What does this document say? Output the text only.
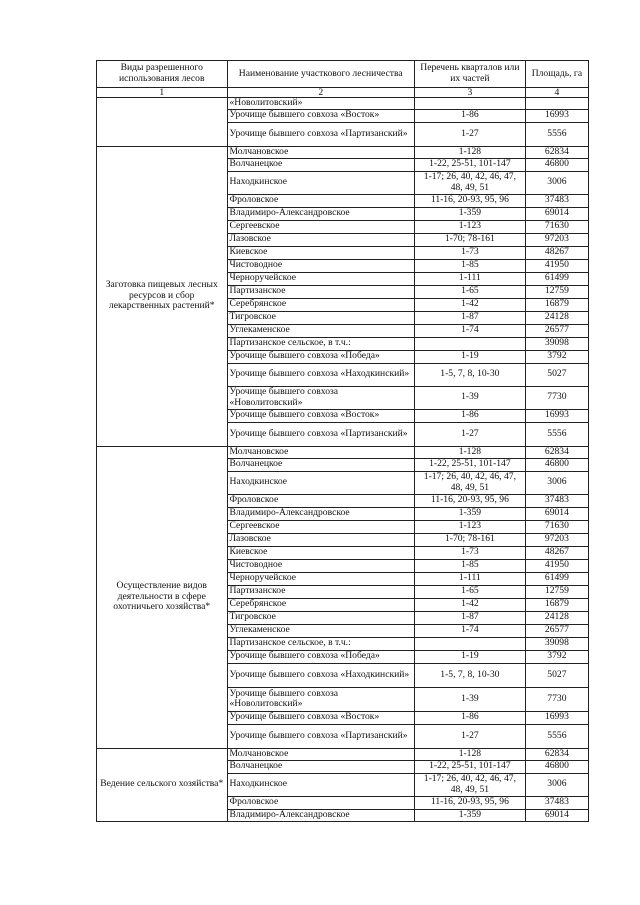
Виды разрешенного использования лесов	Наименование участкового лесничества	Перечень кварталов или их частей	Площадь, га
1	2	3	4
	«Новолитовский»		
	Урочище бывшего совхоза «Восток»	1-86	16993
	Урочище бывшего совхоза «Партизанский»	1-27	5556
Заготовка пищевых лесных ресурсов и сбор лекарственных растений*	Молчановское	1-128	62834
	Волчанецкое	1-22, 25-51, 101-147	46800
	Находкинское	1-17; 26, 40, 42, 46, 47, 48, 49, 51	3006
	Фроловское	11-16, 20-93, 95, 96	37483
	Владимиро-Александровское	1-359	69014
	Сергеевское	1-123	71630
	Лазовское	1-70; 78-161	97203
	Киевское	1-73	48267
	Чистоводное	1-85	41950
	Черноручейское	1-111	61499
	Партизанское	1-65	12759
	Серебрянское	1-42	16879
	Тигровское	1-87	24128
	Углекаменское	1-74	26577
	Партизанское сельское, в т.ч.:		39098
	Урочище бывшего совхоза «Победа»	1-19	3792
	Урочище бывшего совхоза «Находкинский»	1-5, 7, 8, 10-30	5027
	Урочище бывшего совхоза «Новолитовский»	1-39	7730
	Урочище бывшего совхоза «Восток»	1-86	16993
	Урочище бывшего совхоза «Партизанский»	1-27	5556
Осуществление видов деятельности в сфере охотничьего хозяйства*	Молчановское	1-128	62834
	Волчанецкое	1-22, 25-51, 101-147	46800
	Находкинское	1-17; 26, 40, 42, 46, 47, 48, 49, 51	3006
	Фроловское	11-16, 20-93, 95, 96	37483
	Владимиро-Александровское	1-359	69014
	Сергеевское	1-123	71630
	Лазовское	1-70; 78-161	97203
	Киевское	1-73	48267
	Чистоводное	1-85	41950
	Черноручейское	1-111	61499
	Партизанское	1-65	12759
	Серебрянское	1-42	16879
	Тигровское	1-87	24128
	Углекаменское	1-74	26577
	Партизанское сельское, в т.ч.:		39098
	Урочище бывшего совхоза «Победа»	1-19	3792
	Урочище бывшего совхоза «Находкинский»	1-5, 7, 8, 10-30	5027
	Урочище бывшего совхоза «Новолитовский»	1-39	7730
	Урочище бывшего совхоза «Восток»	1-86	16993
	Урочище бывшего совхоза «Партизанский»	1-27	5556
Ведение сельского хозяйства*	Молчановское	1-128	62834
	Волчанецкое	1-22, 25-51, 101-147	46800
	Находкинское	1-17; 26, 40, 42, 46, 47, 48, 49, 51	3006
	Фроловское	11-16, 20-93, 95, 96	37483
	Владимиро-Александровское	1-359	69014
